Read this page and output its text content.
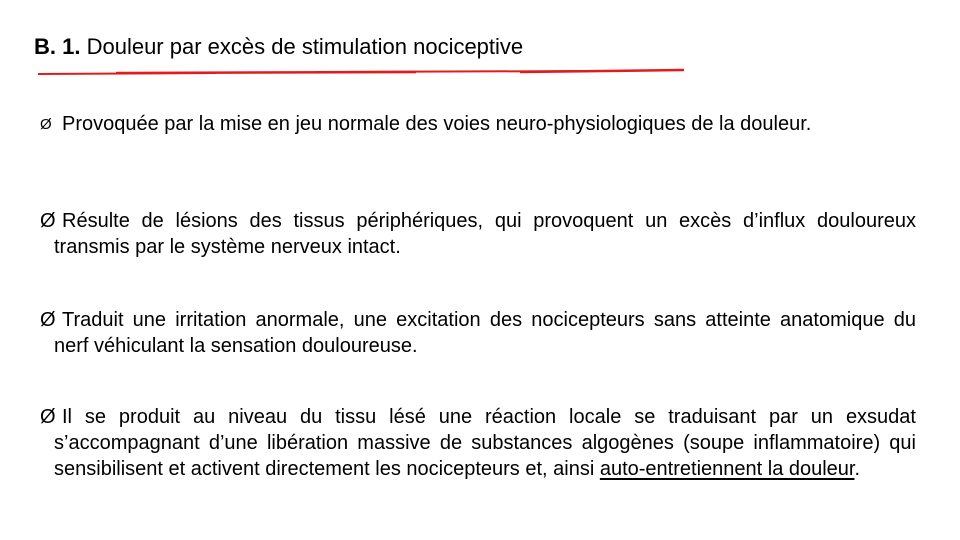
B. 1. Douleur par excès de stimulation nociceptive
Ø Provoquée par la mise en jeu normale des voies neuro-physiologiques de la douleur.
Ø Résulte de lésions des tissus périphériques, qui provoquent un excès d’influx douloureux transmis par le système nerveux intact.
Ø Traduit une irritation anormale, une excitation des nocicepteurs sans atteinte anatomique du nerf véhiculant la sensation douloureuse.
Ø Il se produit au niveau du tissu lésé une réaction locale se traduisant par un exsudat s’accompagnant d’une libération massive de substances algogènes (soupe inflammatoire) qui sensibilisent et activent directement les nocicepteurs et, ainsi auto-entretiennent la douleur.
